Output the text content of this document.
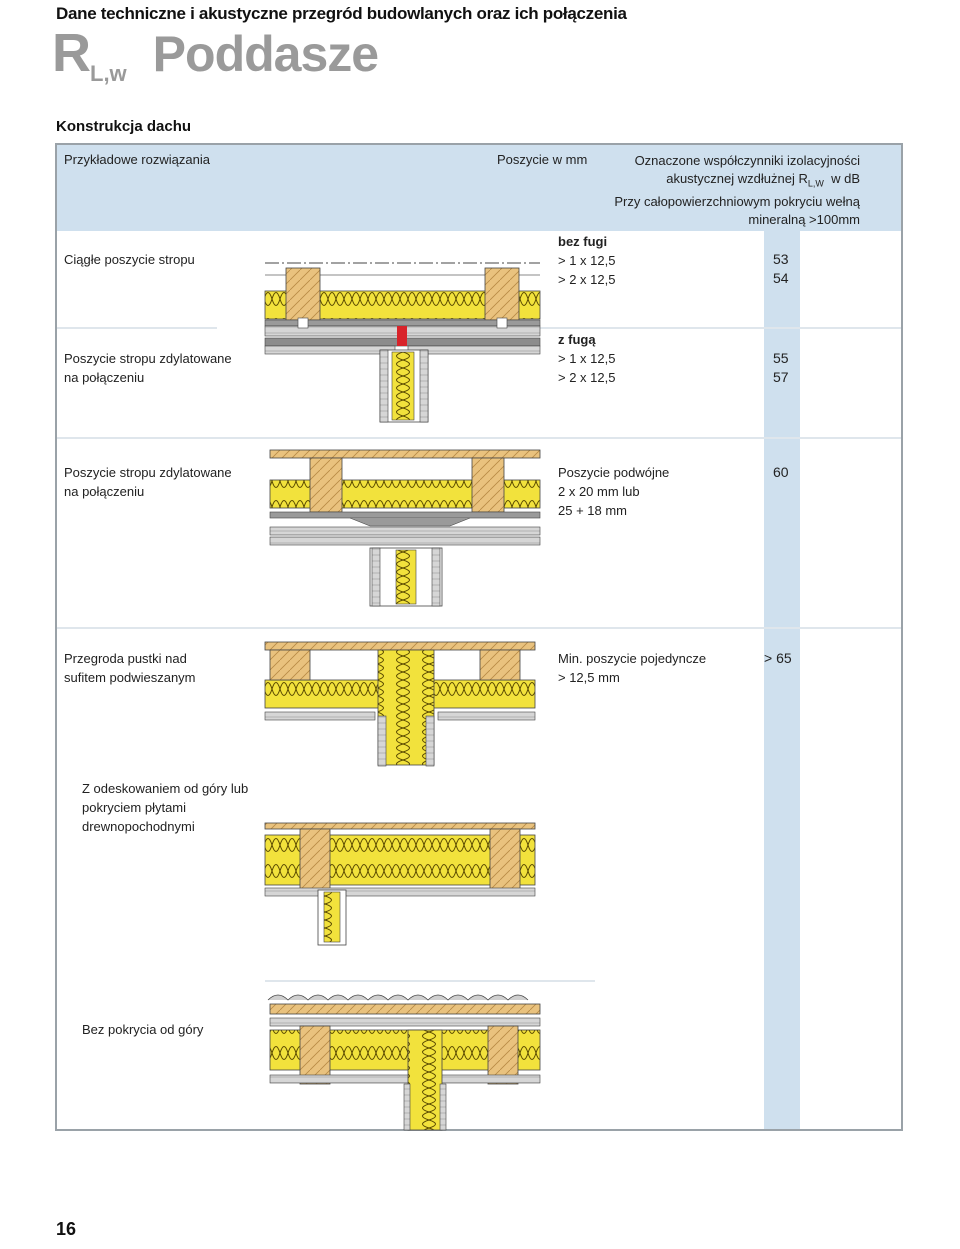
Dane techniczne i akustyczne przegród budowlanych oraz ich połączenia
RL,w Poddasze
Konstrukcja dachu
Przykładowe rozwiązania	Poszycie w mm	Oznaczone współczynniki izolacyjności
akustycznej wzdłużnej $R_{L,W}$ w dB
Przy całopowierzchniowym pokryciu wełną
mineralną >100mm
Ciągłe poszycie stropu
bez fugi
> 1 x 12,5
> 2 x 12,5
53
54
Poszycie stropu zdylatowane
na połączeniu
z fugą
> 1 x 12,5
> 2 x 12,5
55
57
Poszycie stropu zdylatowane
na połączeniu
Poszycie podwójne
2 x 20 mm lub
25 + 18 mm
60
Przegroda pustki nad
sufitem podwieszanym
Min. poszycie pojedyncze
> 12,5 mm
> 65
Z odeskowaniem od góry lub
pokryciem płytami
drewnopochodnymi
Bez pokrycia od góry
16
